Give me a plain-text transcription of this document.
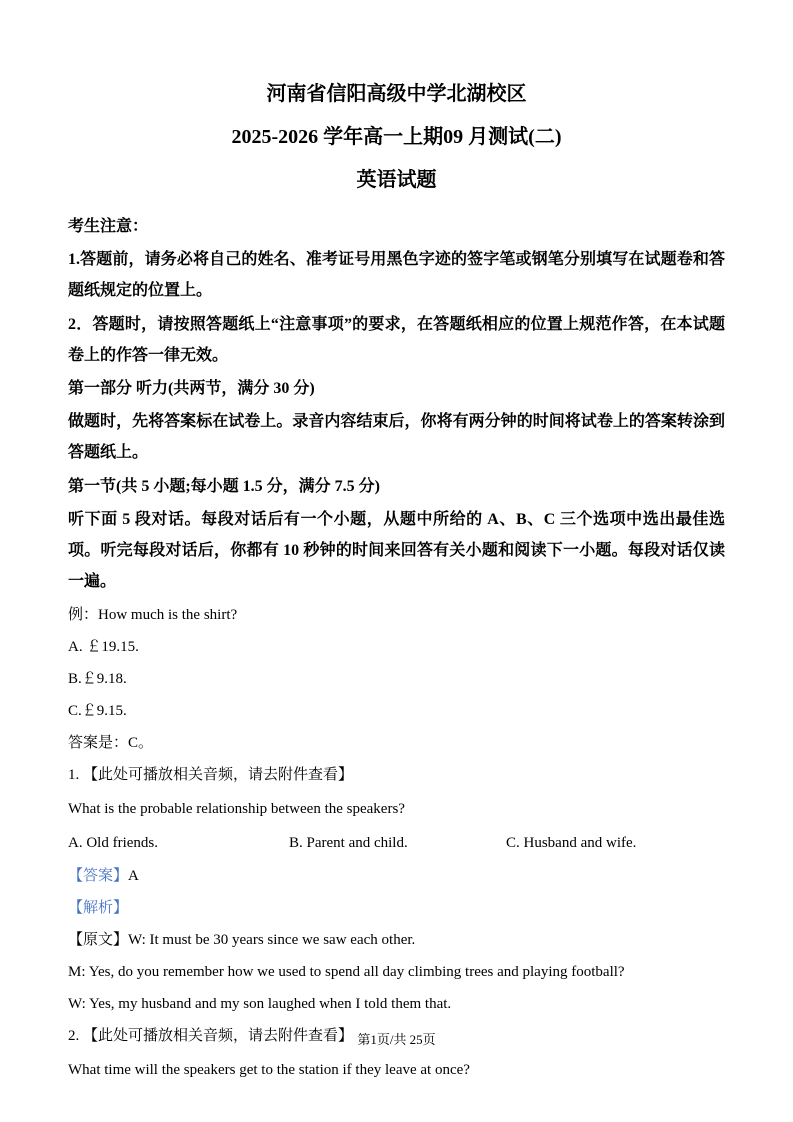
河南省信阳高级中学北湖校区
2025-2026 学年高一上期09 月测试(二)
英语试题

考生注意：

1.答题前，请务必将自己的姓名、准考证号用黑色字迹的签字笔或钢笔分别填写在试题卷和答题纸规定的位置上。

2．答题时，请按照答题纸上“注意事项”的要求，在答题纸相应的位置上规范作答，在本试题卷上的作答一律无效。

第一部分 听力(共两节，满分 30 分)

做题时，先将答案标在试卷上。录音内容结束后，你将有两分钟的时间将试卷上的答案转涂到答题纸上。

第一节(共 5 小题;每小题 1.5 分，满分 7.5 分)

听下面 5 段对话。每段对话后有一个小题，从题中所给的 A、B、C 三个选项中选出最佳选项。听完每段对话后，你都有 10 秒钟的时间来回答有关小题和阅读下一小题。每段对话仅读一遍。

例：How much is the shirt?

A. ￡19.15.

B.￡9.18.

C.￡9.15.

答案是：C。

1. 【此处可播放相关音频，请去附件查看】

What is the probable relationship between the speakers?

A. Old friends.	B. Parent and child.	C. Husband and wife.

【答案】A

【解析】

【原文】W: It must be 30 years since we saw each other.

M: Yes, do you remember how we used to spend all day climbing trees and playing football?

W: Yes, my husband and my son laughed when I told them that.

2. 【此处可播放相关音频，请去附件查看】

What time will the speakers get to the station if they leave at once?

第1页/共 25页
